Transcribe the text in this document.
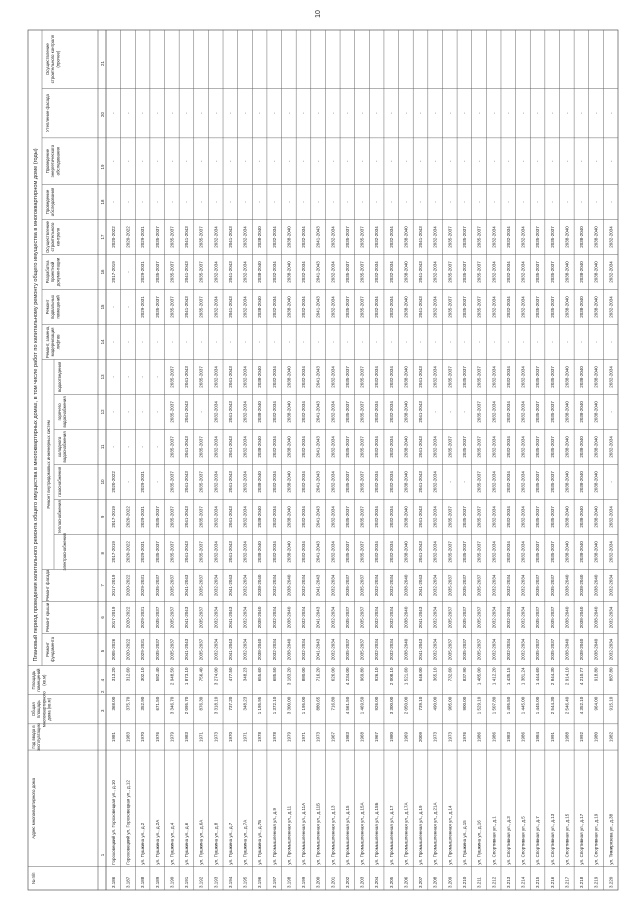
Плановый период проведения капитального ремонта общего имущества в многоквартирных домах, в том числе работ по капитальному ремонту общего имущества в многоквартирном доме (годы) Ремонт внутридомовых инженерных систем
№ п/п
Адрес многоквартирного дома
Год ввода в эксплуатацию
Общая площадь многоквартирного дома (кв.м)
Площадь помещений (кв.м)
Ремонт фундамента
Ремонт крыши
Ремонт фасада
электроснабжения
теплоснабжения
газоснабжения
холодного водоснабжения
горячего водоснабжения
водоотведения
Ремонт, замена, модернизация лифтов
Ремонт подвальных помещений
Разработка проектной документации
Осуществление строительного контроля
Проведение обследования
Проведение энергетического обследования
Утепление фасада
Осуществление строительного контроля (прочее)
1
2
3
4
5
6
7
8
9
10
11
12
13
14
15
16
17
18
19
20
21
3.186
Гороховецкий ул. Гороховецкая ул., д.10
1981
368.00
313.20
2005-2026
2017-2019
2017-2019
2017-2019
2017-2019
2020-2022
-
-
-
-
-
2017-2019
2020-2022
-
-
-
3.187
Гороховецкий ул. Гороховецкая ул., д.12
1983
375.70
312.60
2020-2022
2020-2022
2020-2022
2020-2022
2020-2022
-
-
-
-
-
-
-
2020-2022
-
-
-
3.188
ул. Пушкина ул., д.2
1970
352.90
302.10
2029-2031
2029-2031
2029-2031
2029-2031
2029-2031
2029-2031
-
-
-
-
2029-2031
2029-2031
2029-2031
-
-
-
3.189
ул. Пушкина ул., д.2А
1976
671.50
582.40
2035-2037
2035-2037
2035-2037
2035-2037
2035-2037
-
-
-
-
-
2035-2037
2035-2037
2035-2037
-
-
-
3.190
ул. Пушкина ул., д.4
1979
3 346.70
2 948.50
2035-2037
2035-2037
2035-2037
2035-2037
2035-2037
2035-2037
2035-2037
2035-2037
2035-2037
-
2035-2037
2035-2037
2035-2037
-
-
-
3.191
ул. Пушкина ул., д.6
1983
2 095.70
1 873.10
2041-2043
2041-2043
2041-2043
2041-2043
2041-2043
2041-2043
2041-2043
2041-2043
2041-2043
-
2041-2043
2041-2043
2041-2043
-
-
-
3.192
ул. Пушкина ул., д.6А
1971
876.30
756.40
2035-2037
2035-2037
2035-2037
2035-2037
2035-2037
2035-2037
2035-2037
-
2035-2037
-
2035-2037
2035-2037
2035-2037
-
-
-
3.193
ул. Пушкина ул., д.8
1973
3 318.10
3 274.00
2032-2034
2032-2034
2032-2034
2032-2034
2032-2034
2032-2034
2032-2034
2032-2034
2032-2034
-
2032-2034
2032-2034
2032-2034
-
-
-
3.194
ул. Пушкина ул., д.7
1970
737.20
477.50
2041-2043
2041-2043
2041-2043
2041-2043
2041-2043
2041-2043
2041-2043
2041-2043
2041-2043
-
2041-2043
2041-2043
2041-2043
-
-
-
3.195
ул. Пушкина ул., д.7А
1971
348.23
348.23
2032-2034
2032-2034
2032-2034
2032-2034
2032-2034
2032-2034
2032-2034
2032-2034
2032-2034
-
2032-2034
2032-2034
2032-2034
-
-
-
3.196
ул. Пушкина ул., д.7Б
1978
1 195.95
655.60
2038-2040
2038-2040
2038-2040
2038-2040
2038-2040
2038-2040
2038-2040
2038-2040
2038-2040
-
2038-2040
2038-2040
2038-2040
-
-
-
3.197
ул. Промышленная ул., д.9
1978
1 372.10
685.50
2032-2034
2032-2034
2032-2034
2032-2034
2032-2034
2032-2034
2032-2034
2032-2034
2032-2034
-
2032-2034
2032-2034
2032-2034
-
-
-
3.198
ул. Промышленная ул., д.11
1979
3 300.00
3 183.20
2038-2040
2038-2040
2038-2040
2038-2040
2038-2040
2038-2040
2038-2040
2038-2040
2038-2040
-
2038-2040
2038-2040
2038-2040
-
-
-
3.199
ул. Промышленная ул., д.11А
1971
1 195.00
880.00
2032-2034
2032-2034
2032-2034
2032-2034
2032-2034
2032-2034
2032-2034
2032-2034
2032-2034
-
2032-2034
2032-2034
2032-2034
-
-
-
3.200
ул. Промышленная ул., д.11Б
1973
880.65
716.20
2041-2043
2041-2043
2041-2043
2041-2043
2041-2043
2041-2043
2041-2043
2041-2043
2041-2043
-
2041-2043
2041-2043
2041-2043
-
-
-
3.201
ул. Промышленная ул., д.13
1967
716.80
626.00
2032-2034
2032-2034
2032-2034
2032-2034
2032-2034
2032-2034
2032-2034
2032-2034
2032-2034
-
2032-2034
2032-2034
2032-2034
-
-
-
3.202
ул. Промышленная ул., д.15
1983
4 561.50
4 234.00
2035-2037
2035-2037
2035-2037
2035-2037
2035-2037
2035-2037
2035-2037
2035-2037
2035-2037
-
2035-2037
2035-2037
2035-2037
-
-
-
3.203
ул. Промышленная ул., д.15А
1968
1 469.50
969.80
2035-2037
2035-2037
2035-2037
2035-2037
2035-2037
2035-2037
2035-2037
2035-2037
2035-2037
-
2035-2037
2035-2037
2035-2037
-
-
-
3.204
ул. Промышленная ул., д.15Б
1967
926.00
926.10
2032-2034
2032-2034
2032-2034
2032-2034
2032-2034
2032-2034
2032-2034
2032-2034
2032-2034
-
2032-2034
2032-2034
2032-2034
-
-
-
3.205
ул. Промышленная ул., д.17
1980
3 300.00
2 008.10
2032-2034
2032-2034
2032-2034
2032-2034
2032-2034
2032-2034
2032-2034
2032-2034
2032-2034
-
2032-2034
2032-2034
2032-2034
-
-
-
3.206
ул. Промышленная ул., д.17А
1969
2 050.00
1 521.60
2038-2040
2038-2040
2038-2040
2038-2040
2038-2040
2038-2040
2038-2040
2038-2040
2038-2040
-
2038-2040
2038-2040
2038-2040
-
-
-
3.207
ул. Промышленная ул., д.19
2009
739.10
646.00
2041-2043
2041-2043
2041-2043
2041-2043
2041-2043
2041-2043
2041-2043
2041-2043
2041-2043
-
2041-2043
2041-2043
2041-2043
-
-
-
3.208
ул. Промышленная ул., д.21А
1973
490.00
365.10
2032-2034
2032-2034
2032-2034
2032-2034
2032-2034
2032-2034
2032-2034
-
2032-2034
-
2032-2034
2032-2034
2032-2034
-
-
-
3.209
ул. Промышленная ул., д.14
1973
905.00
732.60
2035-2037
2035-2037
2035-2037
2035-2037
2035-2037
-
2035-2037
-
2035-2037
-
2035-2037
2035-2037
2035-2037
-
-
-
3.210
ул. Пушкина ул., д.15
1976
900.00
837.90
2035-2037
2035-2037
2035-2037
2035-2037
2035-2037
-
2035-2037
-
2035-2037
-
2035-2037
2035-2037
2035-2037
-
-
-
3.211
ул. Пушкина ул., д.16
1986
1 529.10
1 485.00
2035-2037
2035-2037
2035-2037
2035-2037
2035-2037
2035-2037
2035-2037
2035-2037
2035-2037
-
2035-2037
2035-2037
2035-2037
-
-
-
3.212
ул. Спортивная ул., д.1
1986
1 507.80
1 412.20
2032-2034
2032-2034
2032-2034
2032-2034
2032-2034
2032-2034
2032-2034
2032-2034
2032-2034
-
2032-2034
2032-2034
2032-2034
-
-
-
3.213
ул. Спортивная ул., д.3
1983
1 495.50
1 435.15
2032-2034
2032-2034
2032-2034
2032-2034
2032-2034
2032-2034
2032-2034
2032-2034
2032-2034
-
2032-2034
2032-2034
2032-2034
-
-
-
3.214
ул. Спортивная ул., д.5
1986
1 445.00
1 381.24
2032-2034
2032-2034
2032-2034
2032-2034
2032-2034
2032-2034
2032-2034
2032-2034
2032-2034
-
2032-2034
2032-2034
2032-2034
-
-
-
3.215
ул. Спортивная ул., д.7
1984
1 445.00
1 444.60
2035-2037
2035-2037
2035-2037
2035-2037
2035-2037
2035-2037
2035-2037
2035-2037
2035-2037
-
2035-2037
2035-2037
2035-2037
-
-
-
3.216
ул. Спортивная ул., д.13
1991
2 544.30
2 844.30
2035-2037
2035-2037
2035-2037
2035-2037
2035-2037
2035-2037
2035-2037
2035-2037
2035-2037
-
2035-2037
2035-2037
2035-2037
-
-
-
3.217
ул. Спортивная ул., д.15
1988
2 546.40
2 914.10
2038-2040
2038-2040
2038-2040
2038-2040
2038-2040
2038-2040
2038-2040
2038-2040
2038-2040
-
2038-2040
2038-2040
2038-2040
-
-
-
3.218
ул. Спортивная ул., д.17
1992
4 352.10
4 210.77
2038-2040
2038-2040
2038-2040
2038-2040
2038-2040
2038-2040
2038-2040
2038-2040
2038-2040
-
2038-2040
2038-2040
2038-2040
-
-
-
3.219
ул. Спортивная ул., д.19
1980
964.00
918.80
2038-2040
2038-2040
2038-2040
2038-2040
2038-2040
2038-2040
2038-2040
2038-2040
2038-2040
-
2038-2040
2038-2040
2038-2040
-
-
-
3.220
ул. Тимирязева ул., д.38
1982
915.10
887.80
2032-2034
2032-2034
2032-2034
2032-2034
2032-2034
-
2032-2034
-
2032-2034
-
2032-2034
2032-2034
2032-2034
-
-
-
10
